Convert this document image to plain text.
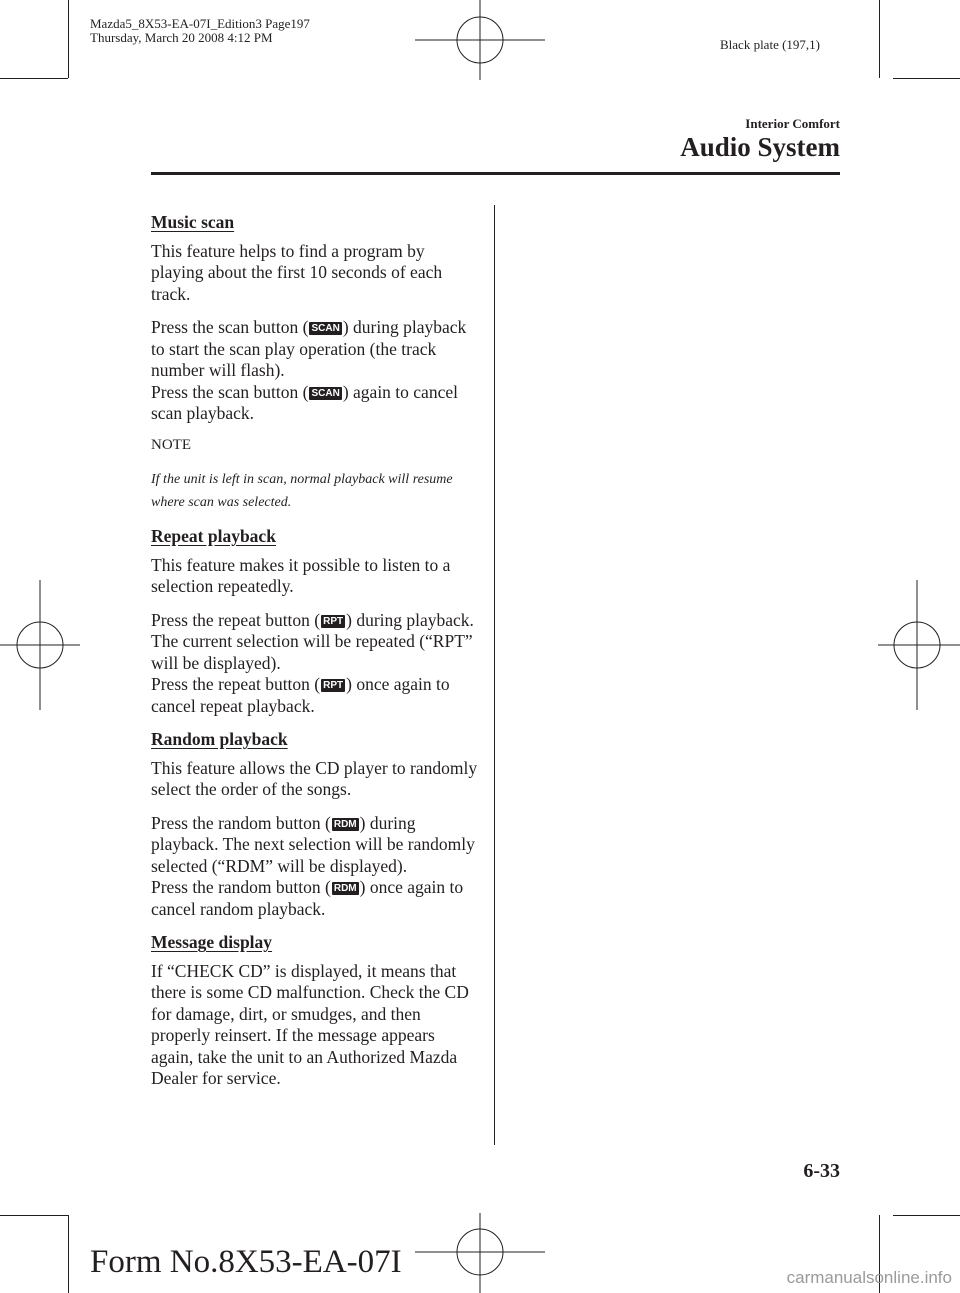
Mazda5_8X53-EA-07I_Edition3 Page197
Thursday, March 20 2008 4:12 PM	Black plate (197,1)
Interior Comfort
Audio System
Music scan

This feature helps to find a program by playing about the first 10 seconds of each track.

Press the scan button ( SCAN ) during playback to start the scan play operation (the track number will flash).
Press the scan button ( SCAN ) again to cancel scan playback.

NOTE

If the unit is left in scan, normal playback will resume where scan was selected.

Repeat playback

This feature makes it possible to listen to a selection repeatedly.

Press the repeat button ( RPT ) during playback. The current selection will be repeated (“RPT” will be displayed).
Press the repeat button ( RPT ) once again to cancel repeat playback.

Random playback

This feature allows the CD player to randomly select the order of the songs.

Press the random button ( RDM ) during playback. The next selection will be randomly selected (“RDM” will be displayed).
Press the random button ( RDM ) once again to cancel random playback.

Message display

If “CHECK CD” is displayed, it means that there is some CD malfunction. Check the CD for damage, dirt, or smudges, and then properly reinsert. If the message appears again, take the unit to an Authorized Mazda Dealer for service.

6-33
Form No.8X53-EA-07I	carmanualsonline.info
